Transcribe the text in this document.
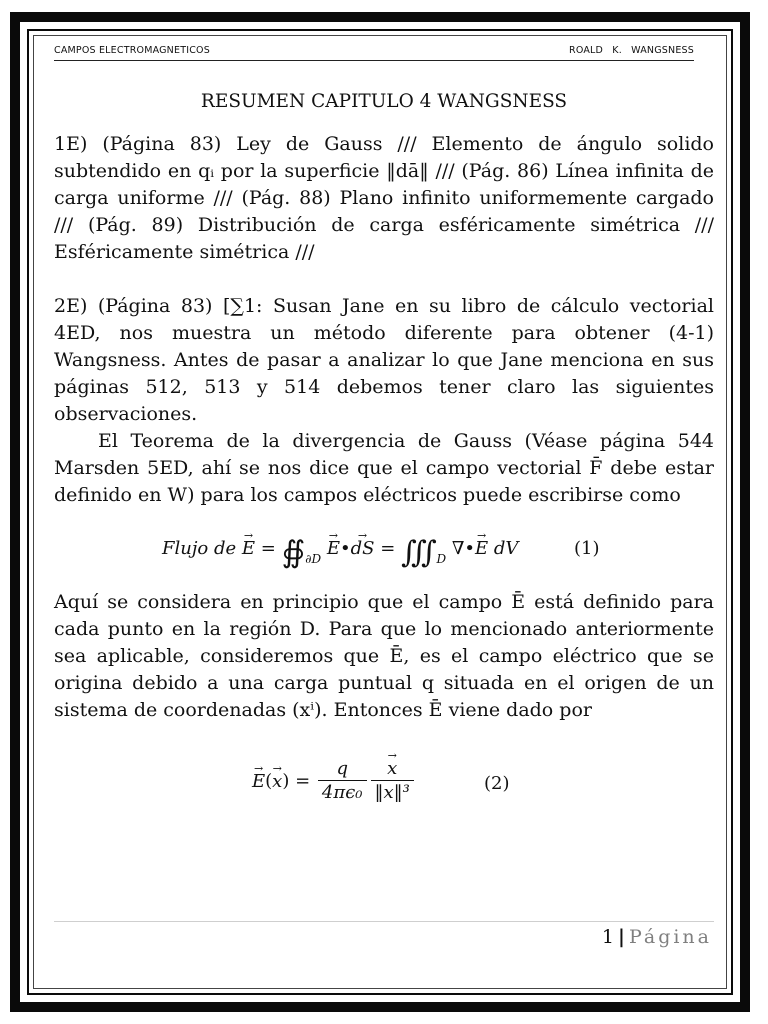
CAMPOS ELECTROMAGNETICOS	ROALD K. WANGSNESS

RESUMEN CAPITULO 4 WANGSNESS

1E) (Página 83) Ley de Gauss /// Elemento de ángulo solido subtendido en qᵢ por la superficie ‖dā‖ /// (Pág. 86) Línea infinita de carga uniforme /// (Pág. 88) Plano infinito uniformemente cargado /// (Pág. 89) Distribución de carga esféricamente simétrica /// Esféricamente simétrica ///

2E) (Página 83) [∑1: Susan Jane en su libro de cálculo vectorial 4ED, nos muestra un método diferente para obtener (4-1) Wangsness. Antes de pasar a analizar lo que Jane menciona en sus páginas 512, 513 y 514 debemos tener claro las siguientes observaciones.

El Teorema de la divergencia de Gauss (Véase página 544 Marsden 5ED, ahí se nos dice que el campo vectorial F̄ debe estar definido en W) para los campos eléctricos puede escribirse como

Flujo de → $E = ∯_{\partial D}$ → E•→ dS = $∭_D$ ∇•→ E dV	(1)

Aquí se considera en principio que el campo Ē está definido para cada punto en la región D. Para que lo mencionado anteriormente sea aplicable, consideremos que Ē, es el campo eléctrico que se origina debido a una carga puntual q situada en el origen de un sistema de coordenadas (xⁱ). Entonces Ē viene dado por

→ $E(\to x) = \frac{q}{\text{4πϵ₀}}$
→ $\frac{x}{\text{‖x‖³}}$	(2)
1 | Página
